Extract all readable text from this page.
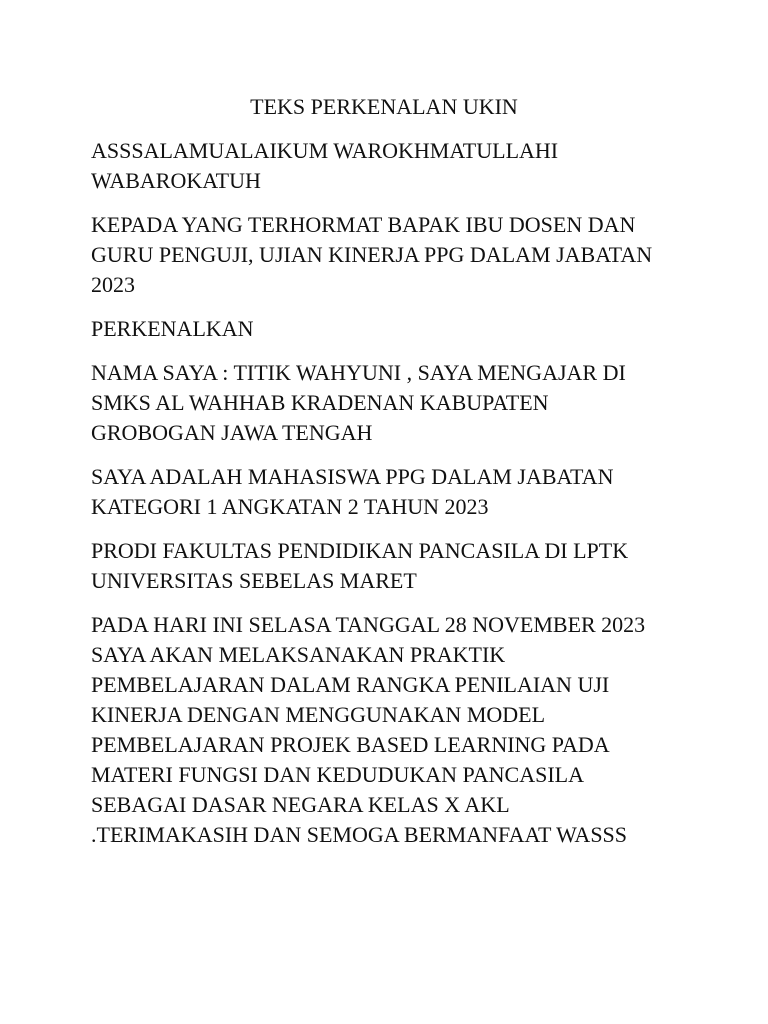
TEKS PERKENALAN UKIN

ASSSALAMUALAIKUM WAROKHMATULLAHI
WABAROKATUH

KEPADA YANG TERHORMAT BAPAK IBU DOSEN DAN
GURU PENGUJI, UJIAN KINERJA PPG DALAM JABATAN
2023

PERKENALKAN

NAMA SAYA : TITIK WAHYUNI , SAYA MENGAJAR DI
SMKS AL WAHHAB KRADENAN KABUPATEN
GROBOGAN JAWA TENGAH

SAYA ADALAH MAHASISWA PPG DALAM JABATAN
KATEGORI 1 ANGKATAN 2 TAHUN 2023

PRODI FAKULTAS PENDIDIKAN PANCASILA DI LPTK
UNIVERSITAS SEBELAS MARET

PADA HARI INI SELASA TANGGAL 28 NOVEMBER 2023
SAYA AKAN MELAKSANAKAN PRAKTIK
PEMBELAJARAN DALAM RANGKA PENILAIAN UJI
KINERJA DENGAN MENGGUNAKAN MODEL
PEMBELAJARAN PROJEK BASED LEARNING PADA
MATERI FUNGSI DAN KEDUDUKAN PANCASILA
SEBAGAI DASAR NEGARA KELAS X AKL
.TERIMAKASIH DAN SEMOGA BERMANFAAT WASSS
